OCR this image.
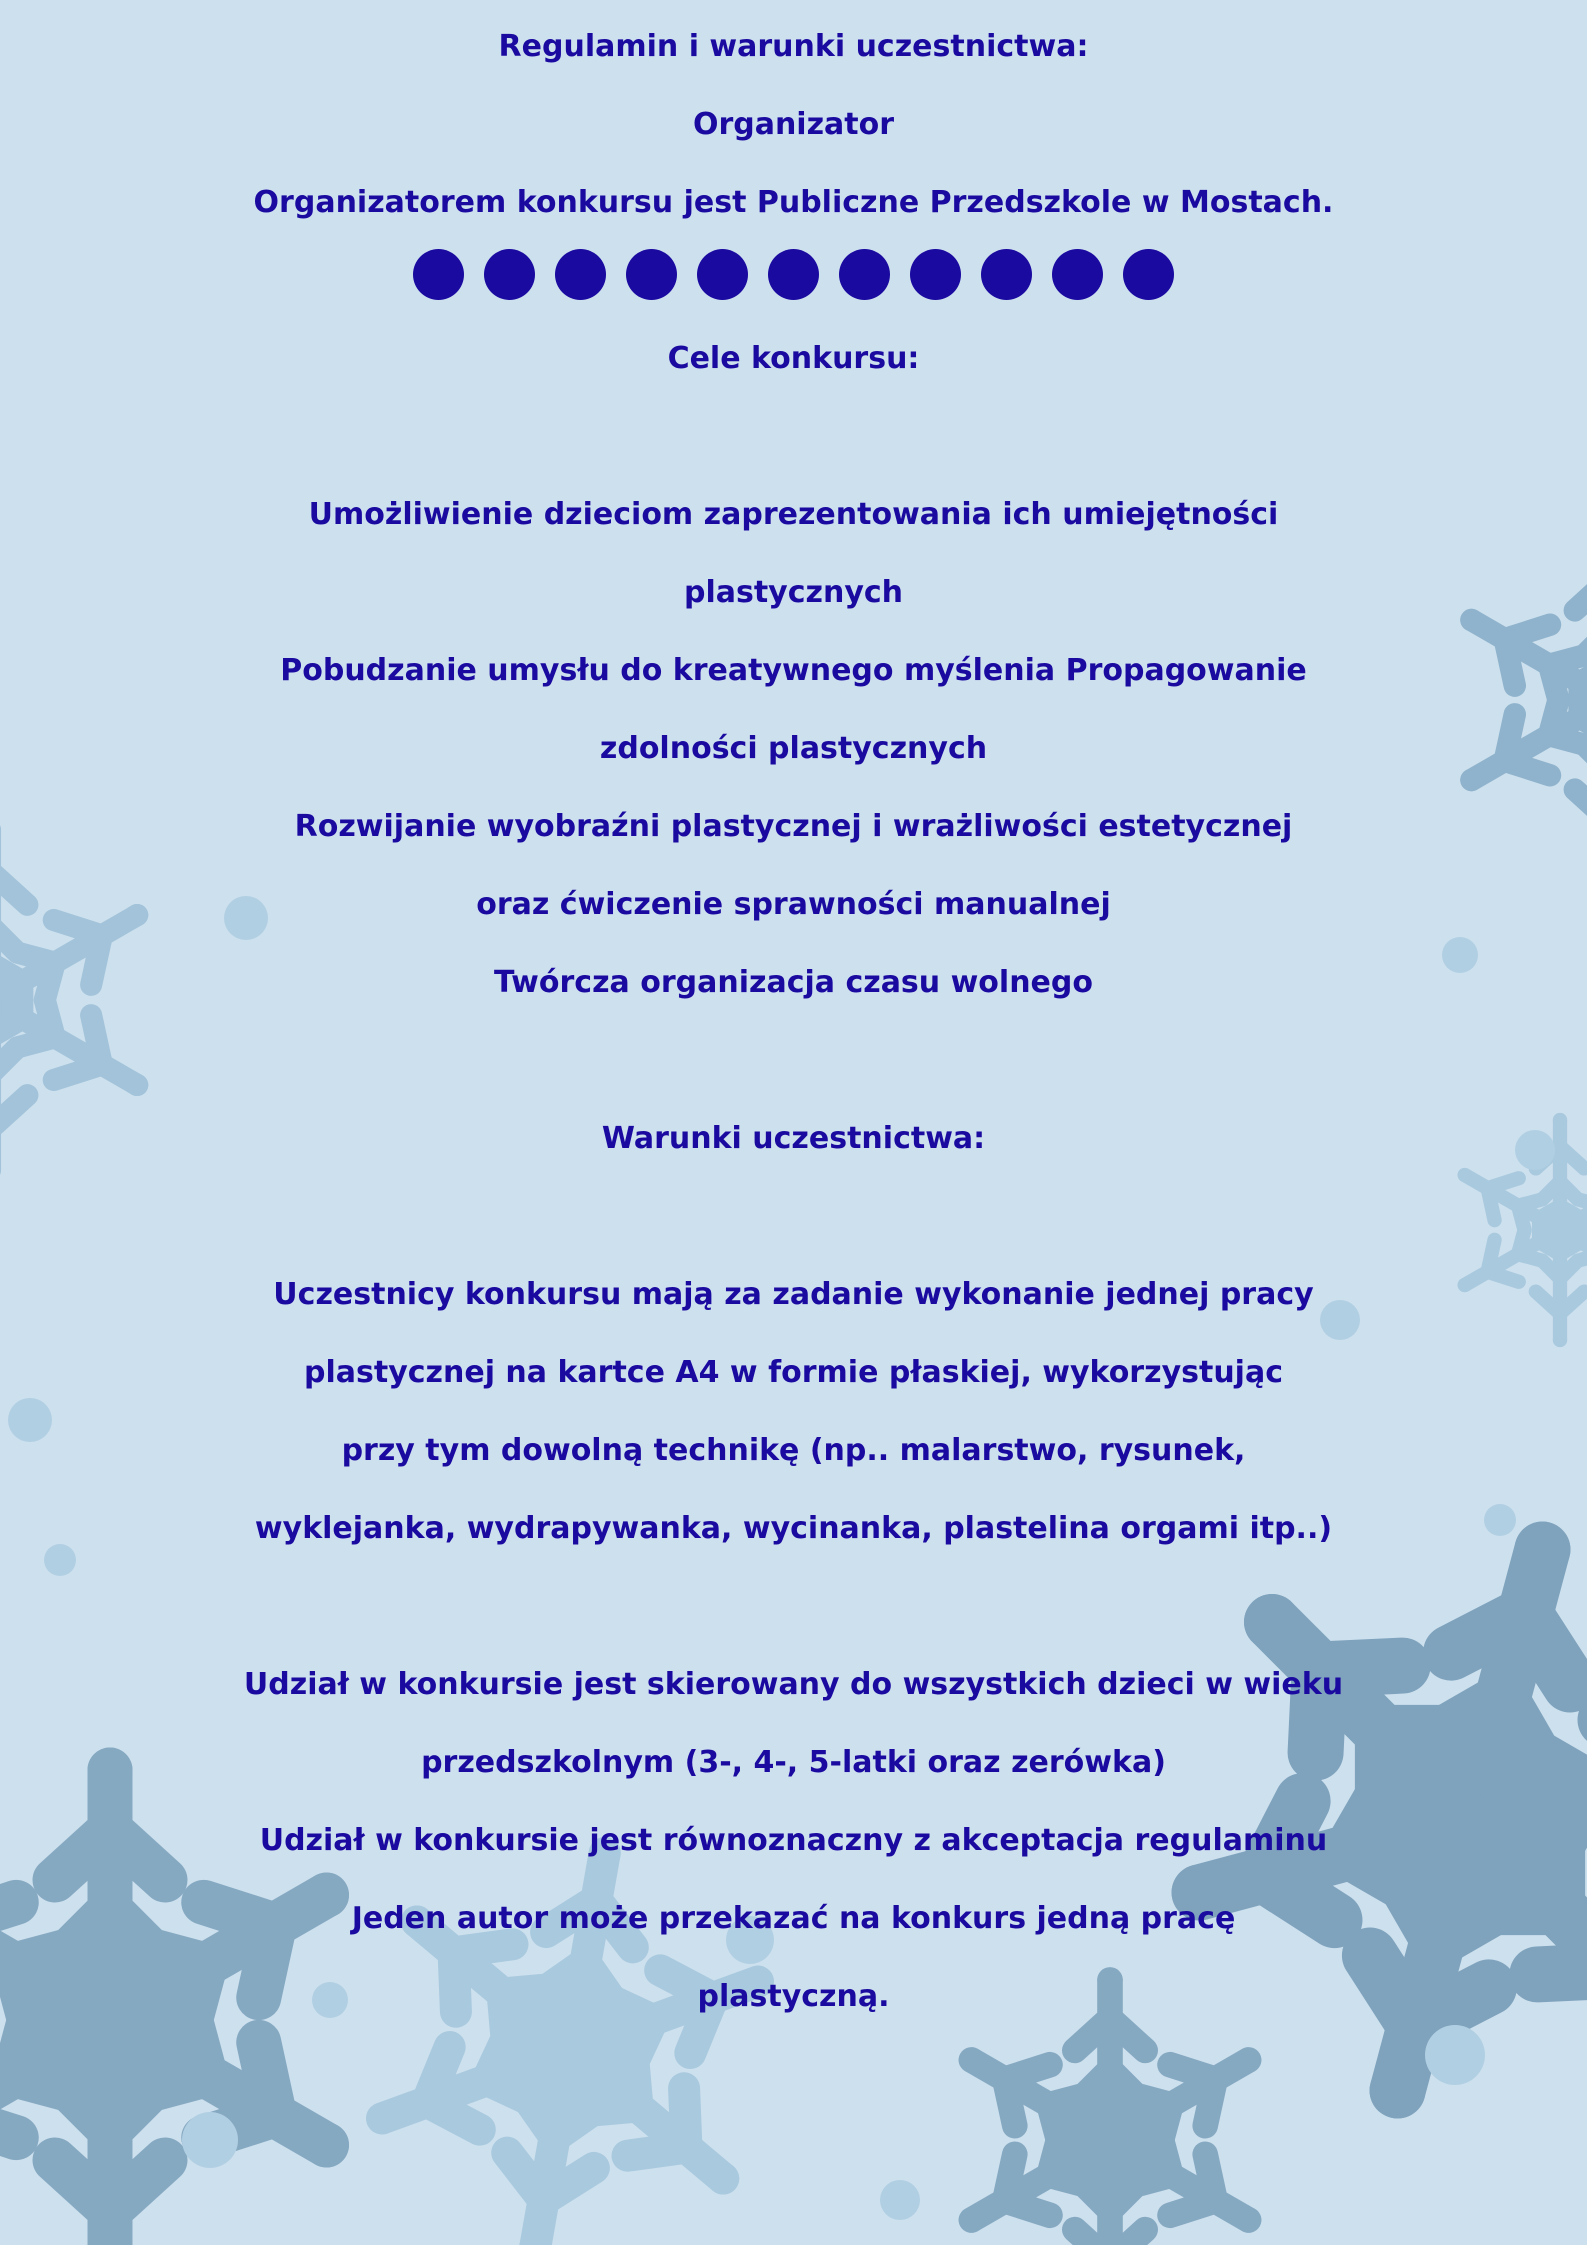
Regulamin i warunki uczestnictwa:
Organizator
Organizatorem konkursu jest Publiczne Przedszkole w Mostach.
Cele konkursu:
Umożliwienie dzieciom zaprezentowania ich umiejętności
plastycznych
Pobudzanie umysłu do kreatywnego myślenia Propagowanie
zdolności plastycznych
Rozwijanie wyobraźni plastycznej i wrażliwości estetycznej
oraz ćwiczenie sprawności manualnej
Twórcza organizacja czasu wolnego
Warunki uczestnictwa:
Uczestnicy konkursu mają za zadanie wykonanie jednej pracy
plastycznej na kartce A4 w formie płaskiej, wykorzystując
przy tym dowolną technikę (np.. malarstwo, rysunek,
wyklejanka, wydrapywanka, wycinanka, plastelina orgami itp..)
Udział w konkursie jest skierowany do wszystkich dzieci w wieku
przedszkolnym (3-, 4-, 5-latki oraz zerówka)
Udział w konkursie jest równoznaczny z akceptacja regulaminu
Jeden autor może przekazać na konkurs jedną pracę
plastyczną.
